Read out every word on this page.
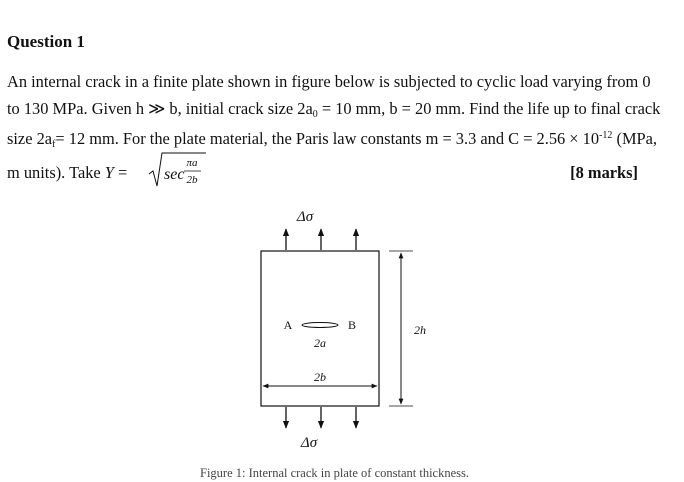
Question 1
An internal crack in a finite plate shown in figure below is subjected to cyclic load varying from 0
to 130 MPa. Given h ≫ b, initial crack size $2a_0 = 10$ mm, b = 20 mm. Find the life up to final crack
size $2a_f= 12$ mm. For the plate material, the Paris law constants m = 3.3 and $C = 2.56 \times 10^{-12}$ (MPa,
m units). Take Y =	sec
πa
2b	[8 marks]
Δσ
A	B
2a
2b
2h
Δσ
Figure 1: Internal crack in plate of constant thickness.
